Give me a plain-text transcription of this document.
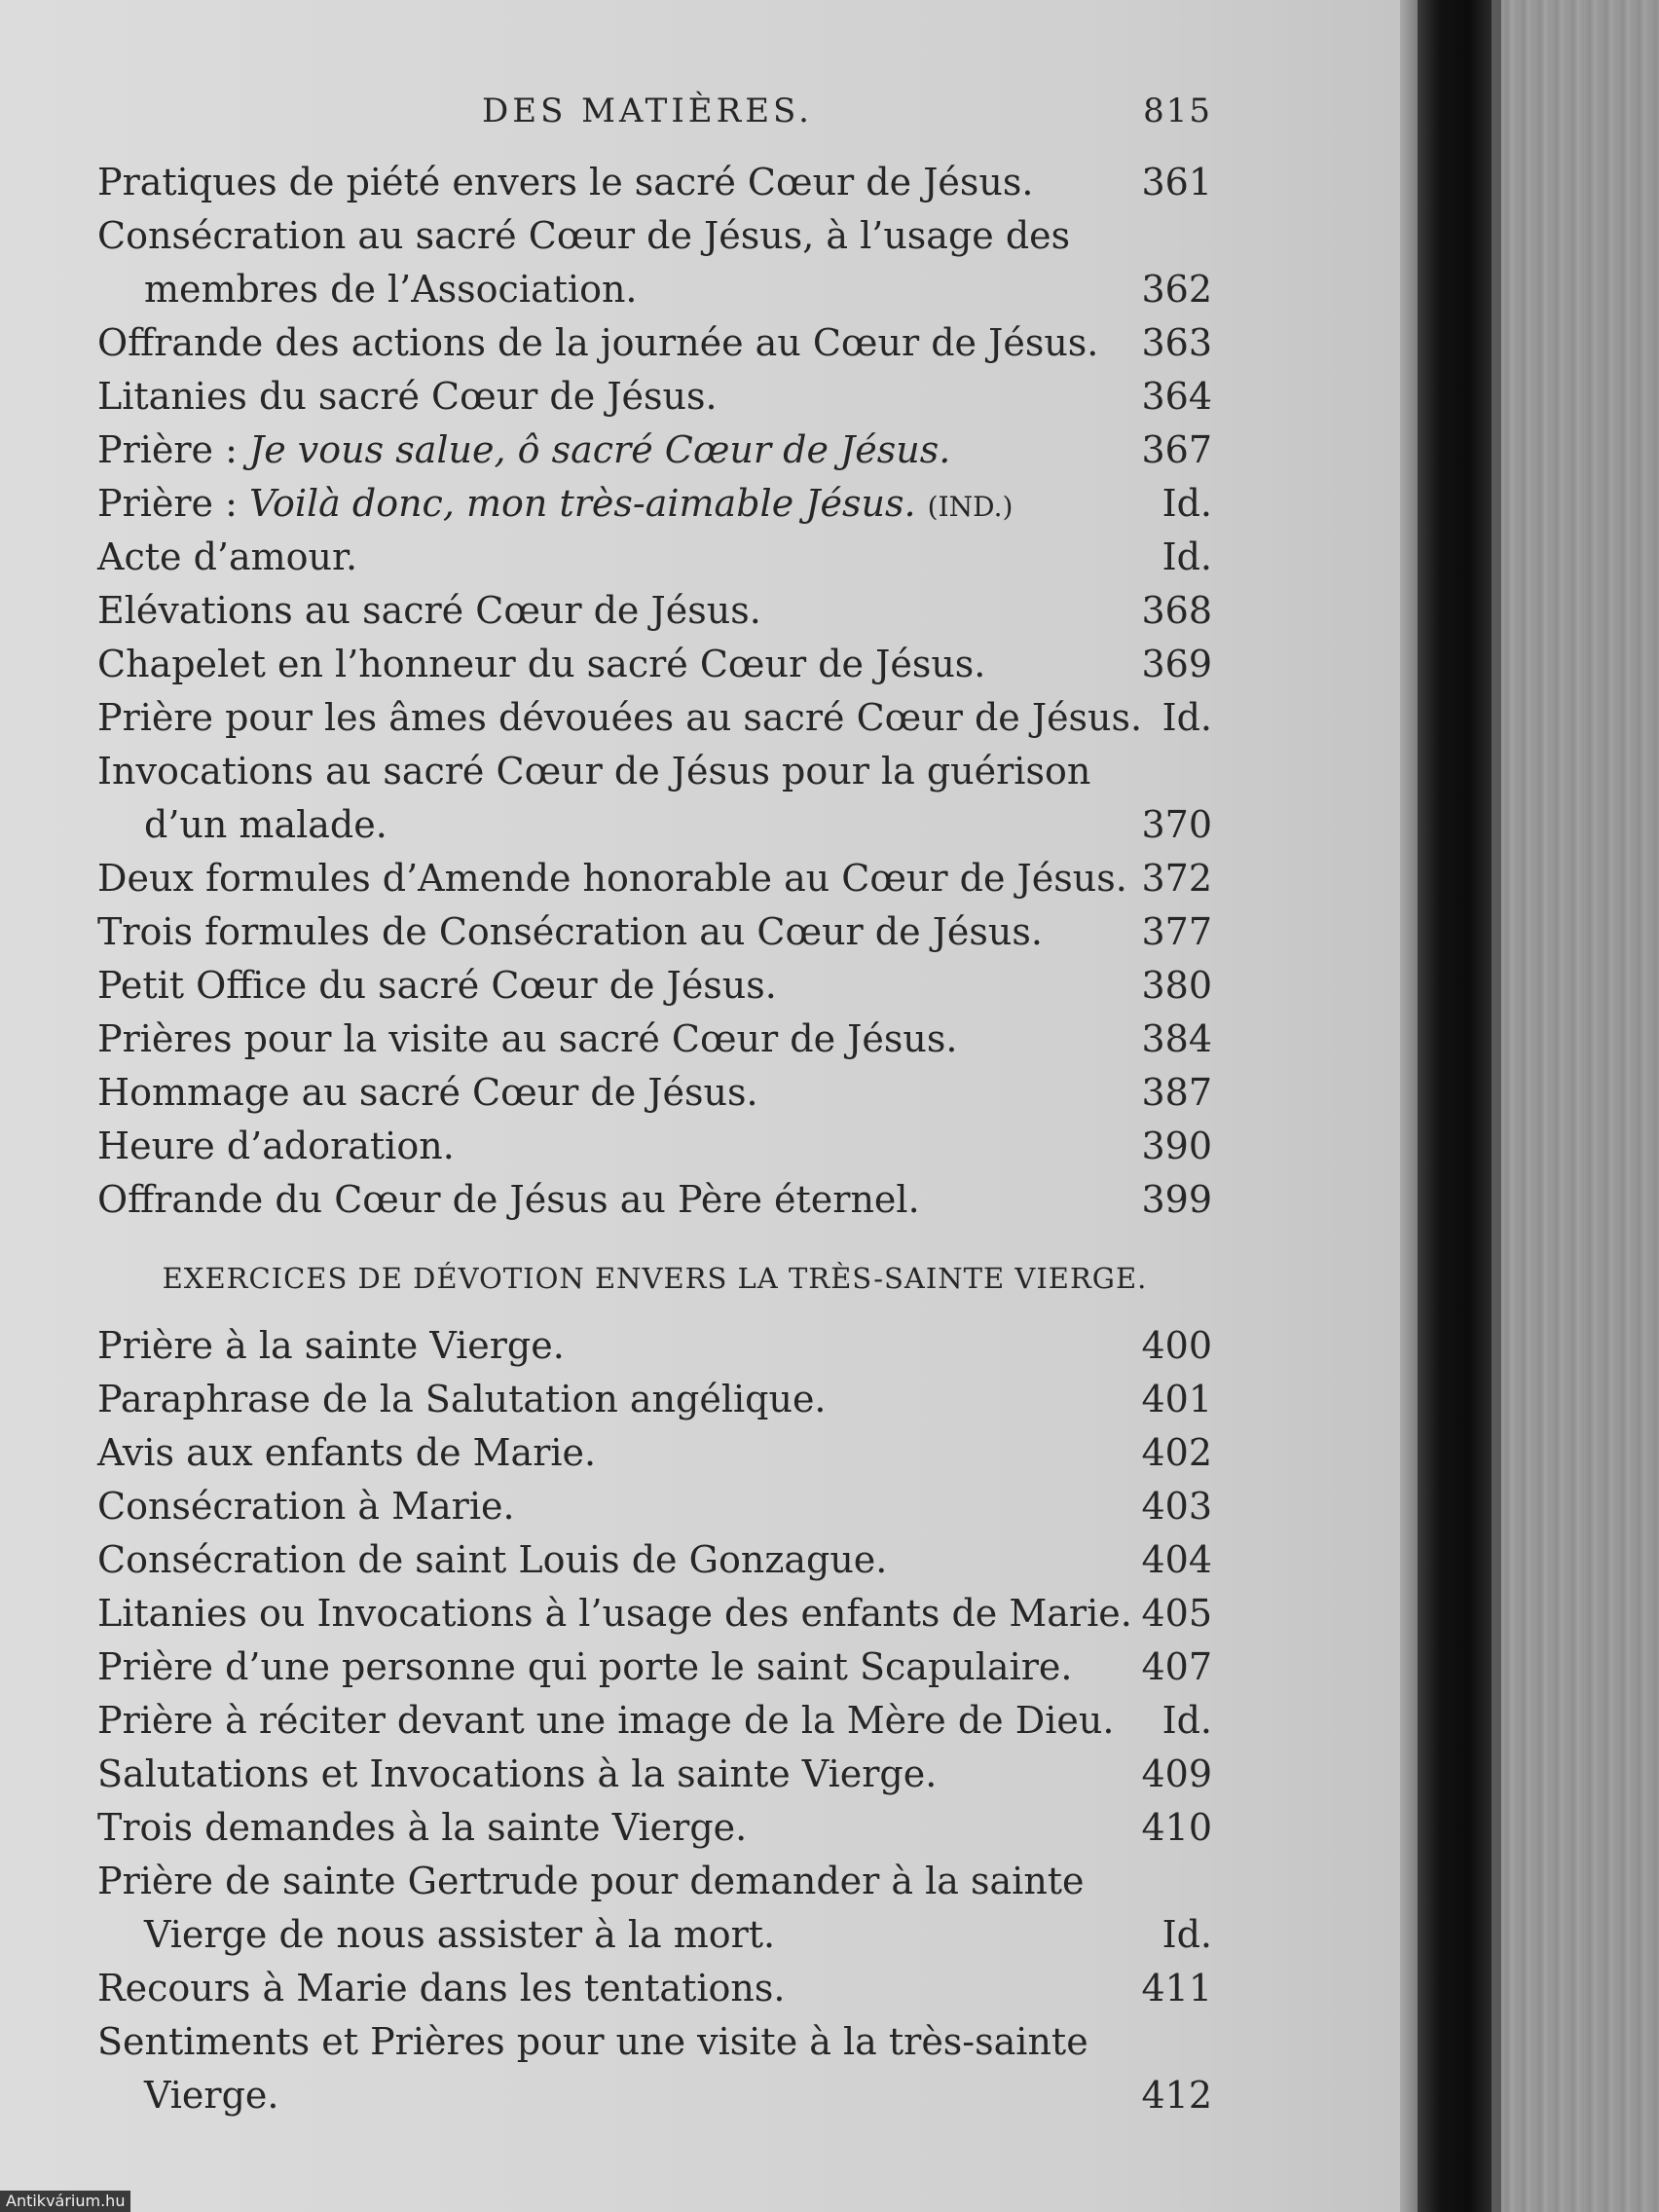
DES MATIÈRES.	815
Pratiques de piété envers le sacré Cœur de Jésus.	361
Consécration au sacré Cœur de Jésus, à l’usage des
membres de l’Association.	362
Offrande des actions de la journée au Cœur de Jésus. 363
Litanies du sacré Cœur de Jésus.	364
Prière : Je vous salue, ô sacré Cœur de Jésus.	367
Prière : Voilà donc, mon très-aimable Jésus. (IND.)	Id.
Acte d’amour.	Id.
Elévations au sacré Cœur de Jésus.	368
Chapelet en l’honneur du sacré Cœur de Jésus.	369
Prière pour les âmes dévouées au sacré Cœur de Jésus. Id.
Invocations au sacré Cœur de Jésus pour la guérison
d’un malade.	370
Deux formules d’Amende honorable au Cœur de Jésus. 372
Trois formules de Consécration au Cœur de Jésus.	377
Petit Office du sacré Cœur de Jésus.	380
Prières pour la visite au sacré Cœur de Jésus.	384
Hommage au sacré Cœur de Jésus.	387
Heure d’adoration.	390
Offrande du Cœur de Jésus au Père éternel.	399
EXERCICES DE DÉVOTION ENVERS LA TRÈS-SAINTE VIERGE.
Prière à la sainte Vierge.	400
Paraphrase de la Salutation angélique.	401
Avis aux enfants de Marie.	402
Consécration à Marie.	403
Consécration de saint Louis de Gonzague.	404
Litanies ou Invocations à l’usage des enfants de Marie. 405
Prière d’une personne qui porte le saint Scapulaire. 407
Prière à réciter devant une image de la Mère de Dieu. Id.
Salutations et Invocations à la sainte Vierge.	409
Trois demandes à la sainte Vierge.	410
Prière de sainte Gertrude pour demander à la sainte
Vierge de nous assister à la mort.	Id.
Recours à Marie dans les tentations.	411
Sentiments et Prières pour une visite à la très-sainte
Vierge.	412
Antikvárium.hu
